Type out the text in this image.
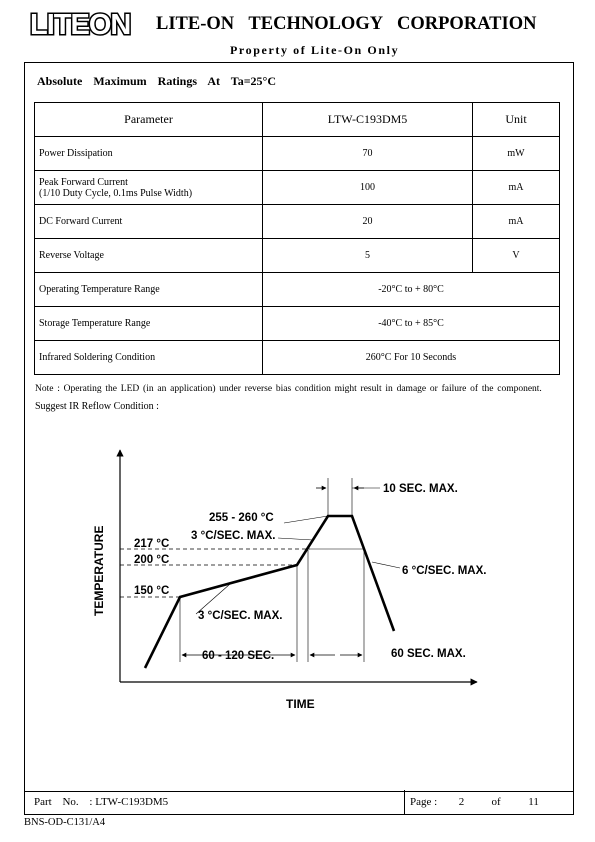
LITEON LITE-ON TECHNOLOGY CORPORATION
Property of Lite-On Only
Absolute Maximum Ratings At Ta=25°C
Parameter	LTW-C193DM5	Unit
Power Dissipation	70	mW

Peak Forward Current
(1/10 Duty Cycle, 0.1ms Pulse Width)	100	mA
DC Forward Current	20	mA
Reverse Voltage	5	V
Operating Temperature Range	-20°C to + 80°C	
Storage Temperature Range	-40°C to + 85°C	
Infrared Soldering Condition	260°C For 10 Seconds	
Note : Operating the LED (in an application) under reverse bias condition might result in damage or failure of the component.
Suggest IR Reflow Condition :
TEMPERATURE
TIME
217 °C
200 °C
150 °C
255 - 260 °C
3 °C/SEC. MAX.
3 °C/SEC. MAX.
6 °C/SEC. MAX.
10 SEC. MAX.
60 - 120 SEC.	60 SEC. MAX.
Part No. : LTW-C193DM5	Page : 2 of	11
BNS-OD-C131/A4
